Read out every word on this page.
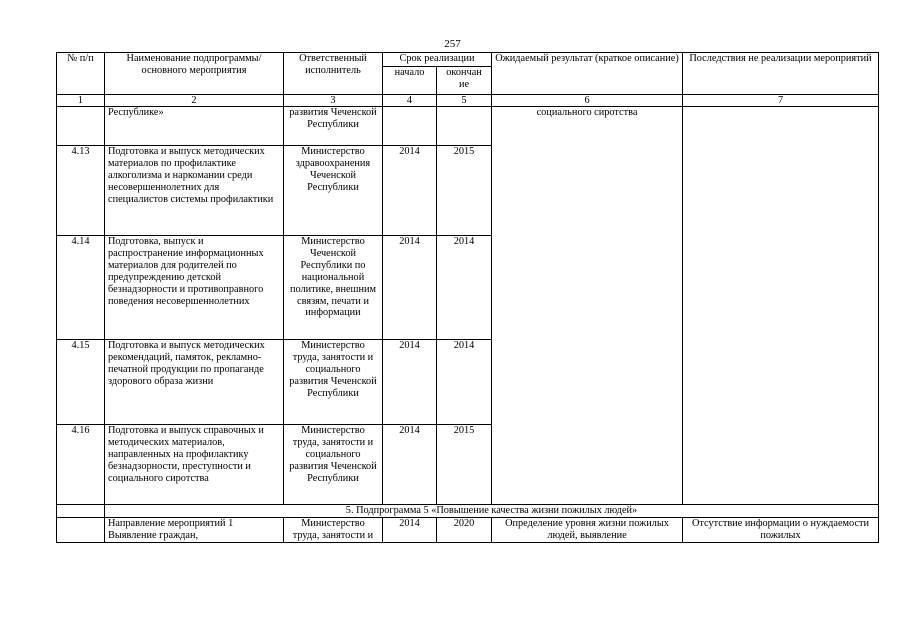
257
№ п/п	Наименование подпрограммы/ основного мероприятия	Ответственный исполнитель	Срок реализации		Ожидаемый результат (краткое описание)	Последствия не реализации мероприятий
			начало	окончан ие		
1	2	3	4	5	6	7
	Республике»	развития Чеченской Республики			социального сиротства	
4.13	Подготовка и выпуск методических материалов по профилактике алкоголизма и наркомании среди несовершеннолетних для специалистов системы профилактики	Министерство здравоохранения Чеченской Республики	2014	2015		
4.14	Подготовка, выпуск и распространение информационных материалов для родителей по предупреждению детской безнадзорности и противоправного поведения несовершеннолетних	Министерство Чеченской Республики по национальной политике, внешним связям, печати и информации	2014	2014		
4.15	Подготовка и выпуск методических рекомендаций, памяток, рекламно-печатной продукции по пропаганде здорового образа жизни	Министерство труда, занятости и социального развития Чеченской Республики	2014	2014		
4.16	Подготовка и выпуск справочных и методических материалов, направленных на профилактику безнадзорности, преступности и социального сиротства	Министерство труда, занятости и социального развития Чеченской Республики	2014	2015		
	5. Подпрограмма 5 «Повышение качества жизни пожилых людей»					
	Направление мероприятий 1 Выявление граждан,	Министерство труда, занятости и	2014	2020	Определение уровня жизни пожилых людей, выявление	Отсутствие информации о нуждаемости пожилых
